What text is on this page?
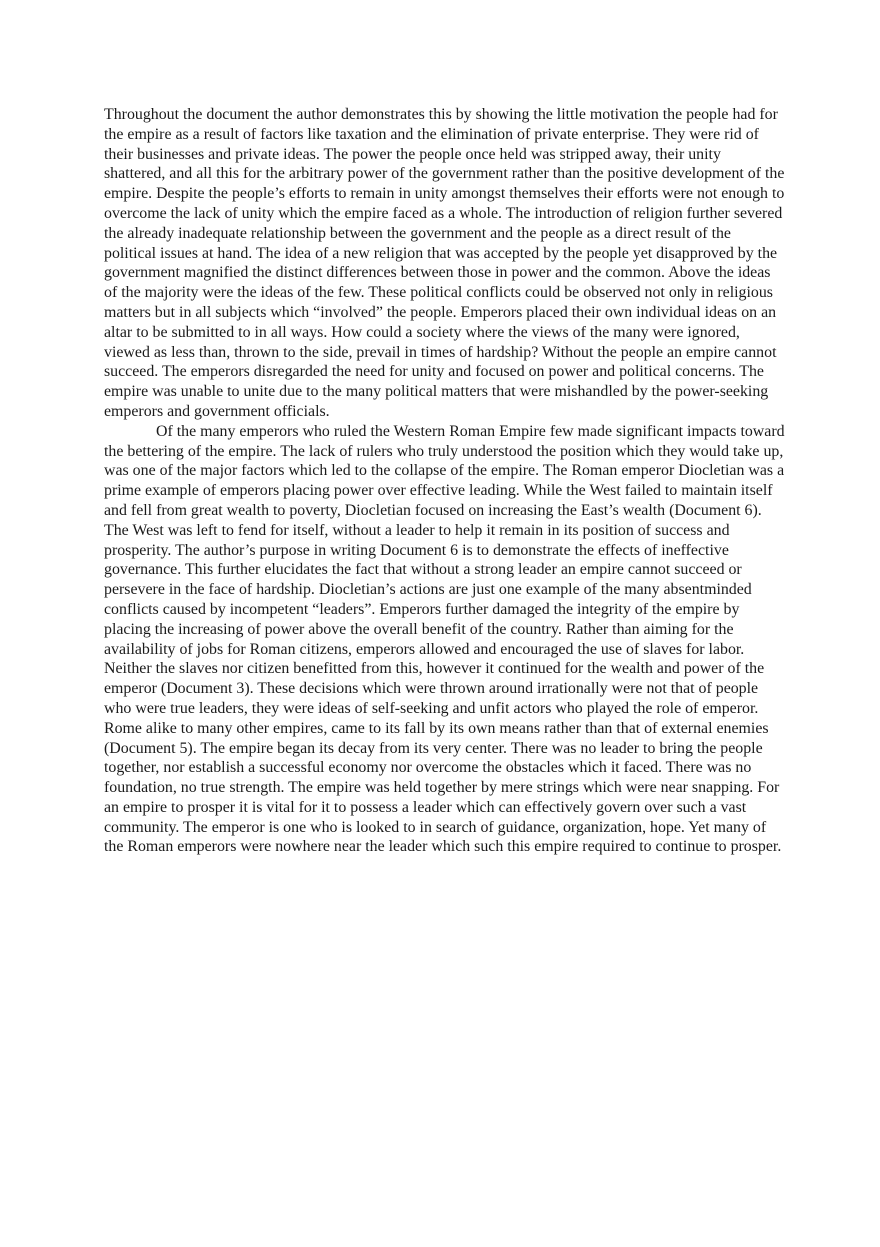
Throughout the document the author demonstrates this by showing the little motivation the people had for the empire as a result of factors like taxation and the elimination of private enterprise. They were rid of their businesses and private ideas. The power the people once held was stripped away, their unity shattered, and all this for the arbitrary power of the government rather than the positive development of the empire. Despite the people’s efforts to remain in unity amongst themselves their efforts were not enough to overcome the lack of unity which the empire faced as a whole. The introduction of religion further severed the already inadequate relationship between the government and the people as a direct result of the political issues at hand. The idea of a new religion that was accepted by the people yet disapproved by the government magnified the distinct differences between those in power and the common. Above the ideas of the majority were the ideas of the few. These political conflicts could be observed not only in religious matters but in all subjects which “involved” the people. Emperors placed their own individual ideas on an altar to be submitted to in all ways. How could a society where the views of the many were ignored, viewed as less than, thrown to the side, prevail in times of hardship? Without the people an empire cannot succeed. The emperors disregarded the need for unity and focused on power and political concerns. The empire was unable to unite due to the many political matters that were mishandled by the power-seeking emperors and government officials.

Of the many emperors who ruled the Western Roman Empire few made significant impacts toward the bettering of the empire. The lack of rulers who truly understood the position which they would take up, was one of the major factors which led to the collapse of the empire. The Roman emperor Diocletian was a prime example of emperors placing power over effective leading. While the West failed to maintain itself and fell from great wealth to poverty, Diocletian focused on increasing the East’s wealth (Document 6). The West was left to fend for itself, without a leader to help it remain in its position of success and prosperity. The author’s purpose in writing Document 6 is to demonstrate the effects of ineffective governance. This further elucidates the fact that without a strong leader an empire cannot succeed or persevere in the face of hardship. Diocletian’s actions are just one example of the many absentminded conflicts caused by incompetent “leaders”. Emperors further damaged the integrity of the empire by placing the increasing of power above the overall benefit of the country. Rather than aiming for the availability of jobs for Roman citizens, emperors allowed and encouraged the use of slaves for labor. Neither the slaves nor citizen benefitted from this, however it continued for the wealth and power of the emperor (Document 3). These decisions which were thrown around irrationally were not that of people who were true leaders, they were ideas of self-seeking and unfit actors who played the role of emperor. Rome alike to many other empires, came to its fall by its own means rather than that of external enemies (Document 5). The empire began its decay from its very center. There was no leader to bring the people together, nor establish a successful economy nor overcome the obstacles which it faced. There was no foundation, no true strength. The empire was held together by mere strings which were near snapping. For an empire to prosper it is vital for it to possess a leader which can effectively govern over such a vast community. The emperor is one who is looked to in search of guidance, organization, hope. Yet many of the Roman emperors were nowhere near the leader which such this empire required to continue to prosper.
